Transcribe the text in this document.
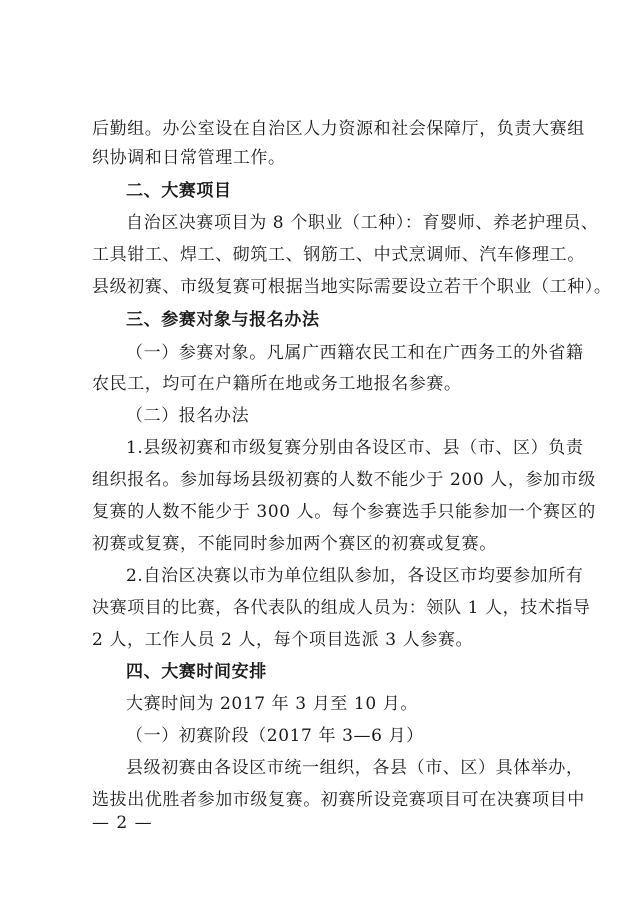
后勤组。办公室设在自治区人力资源和社会保障厅，负责大赛组
织协调和日常管理工作。
二、大赛项目
自治区决赛项目为 8 个职业（工种）：育婴师、养老护理员、
工具钳工、焊工、砌筑工、钢筋工、中式烹调师、汽车修理工。
县级初赛、市级复赛可根据当地实际需要设立若干个职业（工种）。
三、参赛对象与报名办法
（一）参赛对象。凡属广西籍农民工和在广西务工的外省籍
农民工，均可在户籍所在地或务工地报名参赛。
（二）报名办法
1.县级初赛和市级复赛分别由各设区市、县（市、区）负责
组织报名。参加每场县级初赛的人数不能少于 200 人，参加市级
复赛的人数不能少于 300 人。每个参赛选手只能参加一个赛区的
初赛或复赛，不能同时参加两个赛区的初赛或复赛。
2.自治区决赛以市为单位组队参加，各设区市均要参加所有
决赛项目的比赛，各代表队的组成人员为：领队 1 人，技术指导
2 人，工作人员 2 人，每个项目选派 3 人参赛。
四、大赛时间安排
大赛时间为 2017 年 3 月至 10 月。
（一）初赛阶段（2017 年 3—6 月）
县级初赛由各设区市统一组织，各县（市、区）具体举办，
选拔出优胜者参加市级复赛。初赛所设竞赛项目可在决赛项目中
— 2 —
